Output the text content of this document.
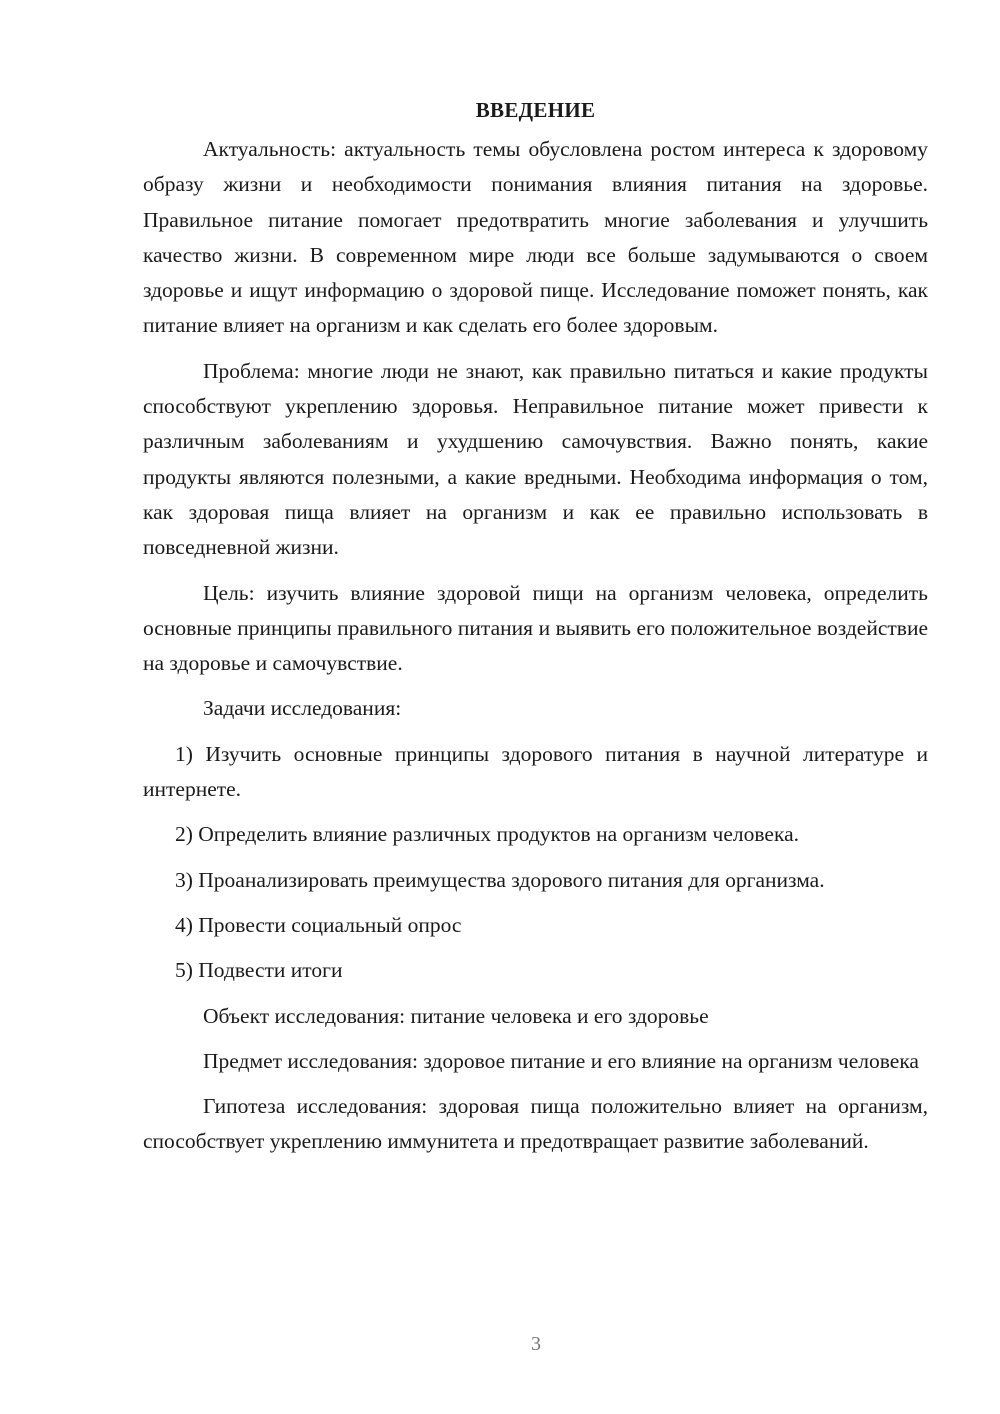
ВВЕДЕНИЕ

Актуальность: актуальность темы обусловлена ростом интереса к здоровому образу жизни и необходимости понимания влияния питания на здоровье. Правильное питание помогает предотвратить многие заболевания и улучшить качество жизни. В современном мире люди все больше задумываются о своем здоровье и ищут информацию о здоровой пище. Исследование поможет понять, как питание влияет на организм и как сделать его более здоровым.

Проблема: многие люди не знают, как правильно питаться и какие продукты способствуют укреплению здоровья. Неправильное питание может привести к различным заболеваниям и ухудшению самочувствия. Важно понять, какие продукты являются полезными, а какие вредными. Необходима информация о том, как здоровая пища влияет на организм и как ее правильно использовать в повседневной жизни.

Цель: изучить влияние здоровой пищи на организм человека, определить основные принципы правильного питания и выявить его положительное воздействие на здоровье и самочувствие.

Задачи исследования:

1) Изучить основные принципы здорового питания в научной литературе и интернете.

2) Определить влияние различных продуктов на организм человека.

3) Проанализировать преимущества здорового питания для организма.

4) Провести социальный опрос

5) Подвести итоги

Объект исследования: питание человека и его здоровье

Предмет исследования: здоровое питание и его влияние на организм человека

Гипотеза исследования: здоровая пища положительно влияет на организм, способствует укреплению иммунитета и предотвращает развитие заболеваний.

3
